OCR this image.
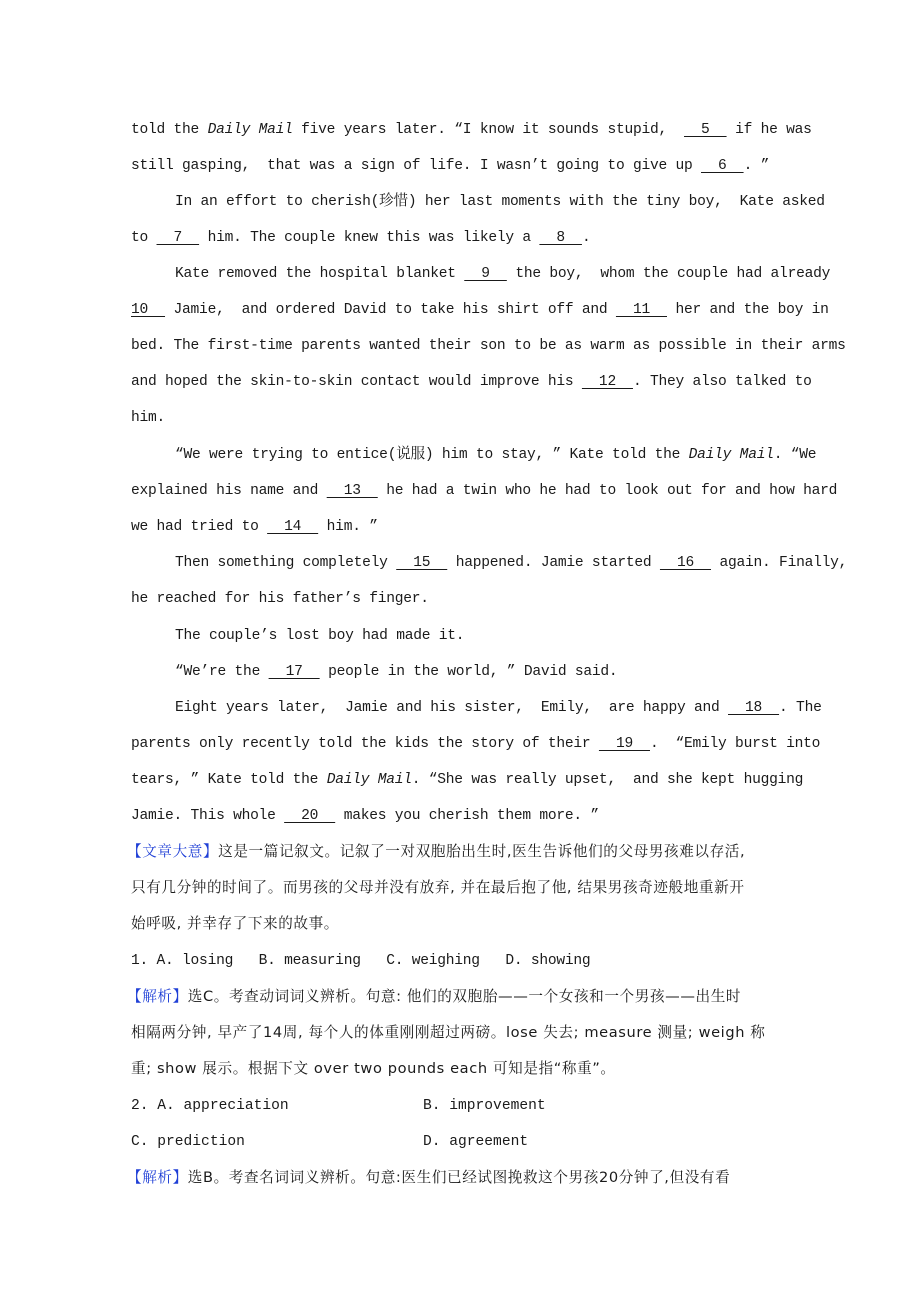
told the Daily Mail five years later. “I know it sounds stupid,    5   if he was
still gasping,  that was a sign of life. I wasn’t going to give up   6  . ”
In an effort to cherish(珍惜) her last moments with the tiny boy,  Kate asked
to   7   him. The couple knew this was likely a   8  .
Kate removed the hospital blanket   9   the boy,  whom the couple had already
10   Jamie,  and ordered David to take his shirt off and   11   her and the boy in
bed. The first-time parents wanted their son to be as warm as possible in their arms
and hoped the skin-to-skin contact would improve his   12  . They also talked to
him.
“We were trying to entice(说服) him to stay, ” Kate told the Daily Mail. “We
explained his name and   13   he had a twin who he had to look out for and how hard
we had tried to   14   him. ”
Then something completely   15   happened. Jamie started   16   again. Finally,
he reached for his father’s finger.
The couple’s lost boy had made it.
“We’re the   17   people in the world, ” David said.
Eight years later,  Jamie and his sister,  Emily,  are happy and   18  . The
parents only recently told the kids the story of their   19  .  “Emily burst into
tears, ” Kate told the Daily Mail. “She was really upset,  and she kept hugging
Jamie. This whole   20   makes you cherish them more. ”
【文章大意】这是一篇记叙文。记叙了一对双胞胎出生时,医生告诉他们的父母男孩难以存活,
只有几分钟的时间了。而男孩的父母并没有放弃, 并在最后抱了他, 结果男孩奇迹般地重新开
始呼吸, 并幸存了下来的故事。
1. A. losing   B. measuring   C. weighing   D. showing
【解析】选C。考查动词词义辨析。句意: 他们的双胞胎——一个女孩和一个男孩——出生时
相隔两分钟, 早产了14周, 每个人的体重刚刚超过两磅。lose 失去; measure 测量; weigh 称
重; show 展示。根据下文 over two pounds each 可知是指“称重”。
2. A. appreciation	B. improvement
C. prediction	D. agreement
【解析】选B。考查名词词义辨析。句意:医生们已经试图挽救这个男孩20分钟了,但没有看
